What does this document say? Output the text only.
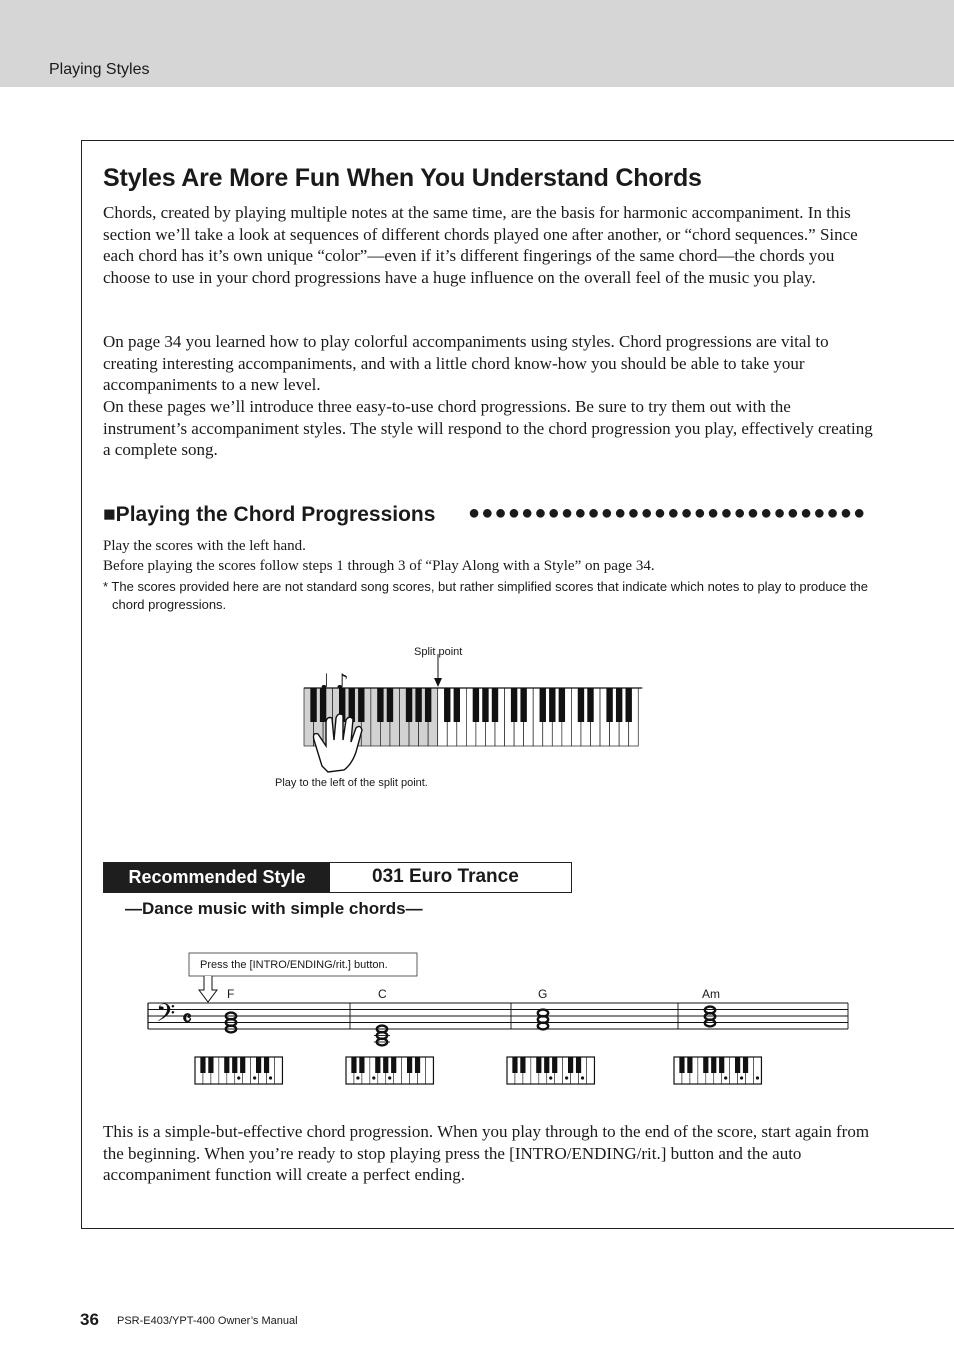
Playing Styles
Styles Are More Fun When You Understand Chords

Chords, created by playing multiple notes at the same time, are the basis for harmonic accompaniment. In this section we’ll take a look at sequences of different chords played one after another, or “chord sequences.” Since each chord has it’s own unique “color”—even if it’s different fingerings of the same chord—the chords you choose to use in your chord progressions have a huge influence on the overall feel of the music you play.

On page 34 you learned how to play colorful accompaniments using styles. Chord progressions are vital to creating interesting accompaniments, and with a little chord know-how you should be able to take your accompaniments to a new level.

On these pages we’ll introduce three easy-to-use chord progressions. Be sure to try them out with the instrument’s accompaniment styles. The style will respond to the chord progression you play, effectively creating a complete song.

■Playing the Chord Progressions ●●●●●●●●●●●●●●●●●●●●●●●●●●●●●●
Play the scores with the left hand.
Before playing the scores follow steps 1 through 3 of “Play Along with a Style” on page 34.

* The scores provided here are not standard song scores, but rather simplified scores that indicate which notes to play to produce the chord progressions.

♩ ♪
Split point
Play to the left of the split point.
Recommended Style	031 Euro Trance
—Dance music with simple chords—
𝄢 𝄴
Press the [INTRO/ENDING/rit.] button.
F	C	G	Am

This is a simple-but-effective chord progression. When you play through to the end of the score, start again from the beginning. When you’re ready to stop playing press the [INTRO/ENDING/rit.] button and the auto accompaniment function will create a perfect ending.

36 PSR-E403/YPT-400 Owner’s Manual
